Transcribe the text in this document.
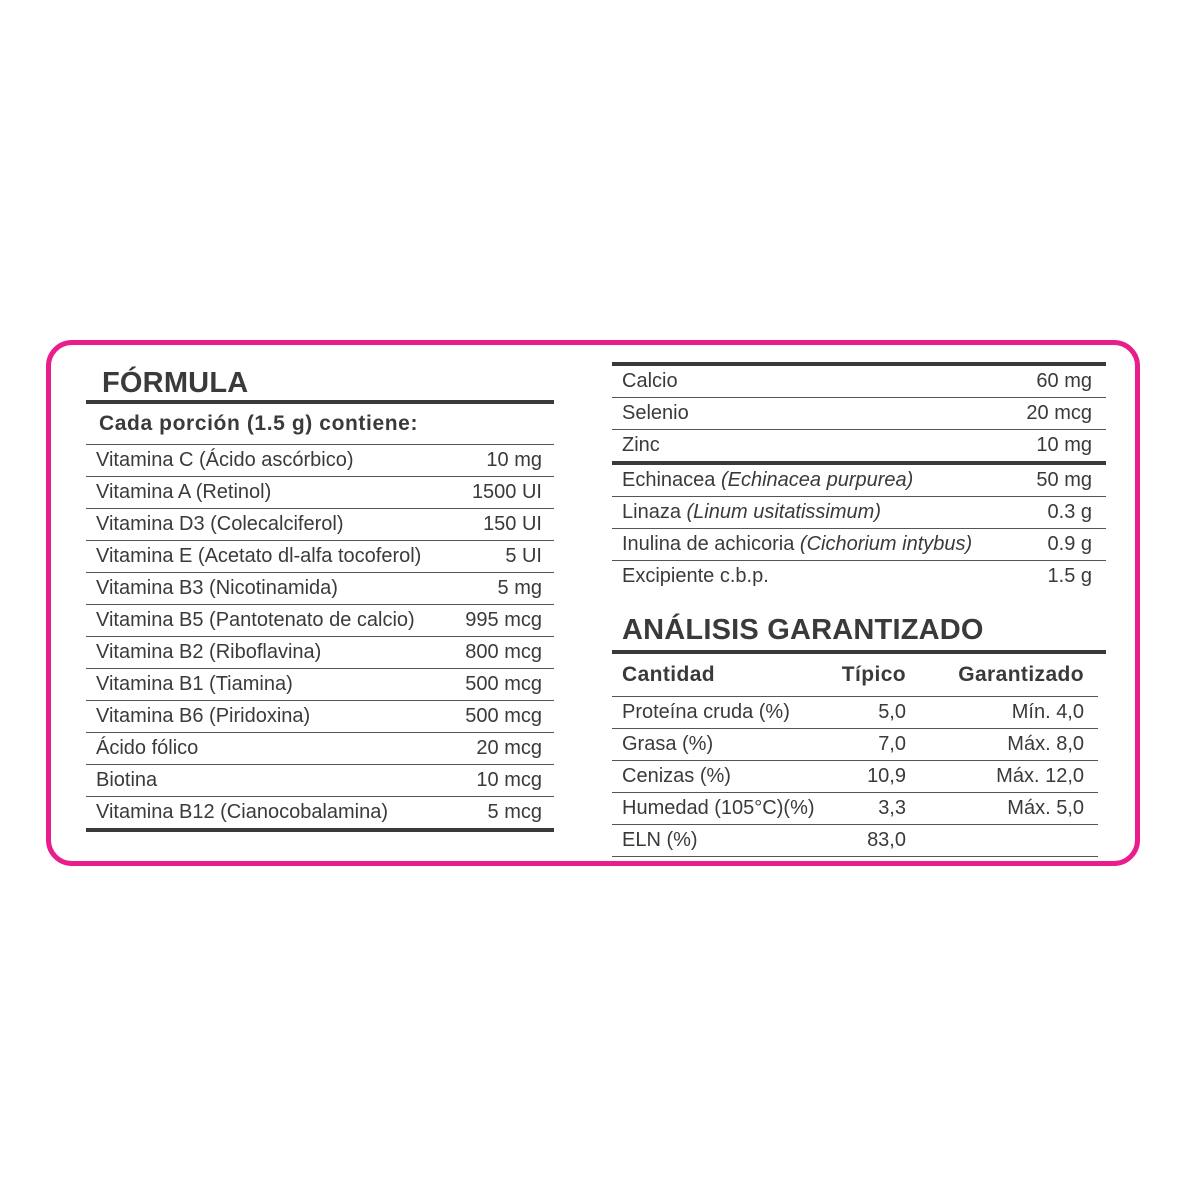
FÓRMULA
Cada porción (1.5 g) contiene:
Vitamina C (Ácido ascórbico)	10 mg
Vitamina A (Retinol)	1500 UI
Vitamina D3 (Colecalciferol)	150 UI
Vitamina E (Acetato dl-alfa tocoferol)	5 UI
Vitamina B3 (Nicotinamida)	5 mg
Vitamina B5 (Pantotenato de calcio)	995 mcg
Vitamina B2 (Riboflavina)	800 mcg
Vitamina B1 (Tiamina)	500 mcg
Vitamina B6 (Piridoxina)	500 mcg
Ácido fólico	20 mcg
Biotina	10 mcg
Vitamina B12 (Cianocobalamina)	5 mcg
Calcio	60 mg
Selenio	20 mcg
Zinc	10 mg
Echinacea (Echinacea purpurea)	50 mg
Linaza (Linum usitatissimum)	0.3 g
Inulina de achicoria (Cichorium intybus)	0.9 g
Excipiente c.b.p.	1.5 g
ANÁLISIS GARANTIZADO
Cantidad	Típico	Garantizado
Proteína cruda (%)	5,0	Mín. 4,0
Grasa (%)	7,0	Máx. 8,0
Cenizas (%)	10,9	Máx. 12,0
Humedad (105°C)(%)	3,3	Máx. 5,0
ELN (%)	83,0
